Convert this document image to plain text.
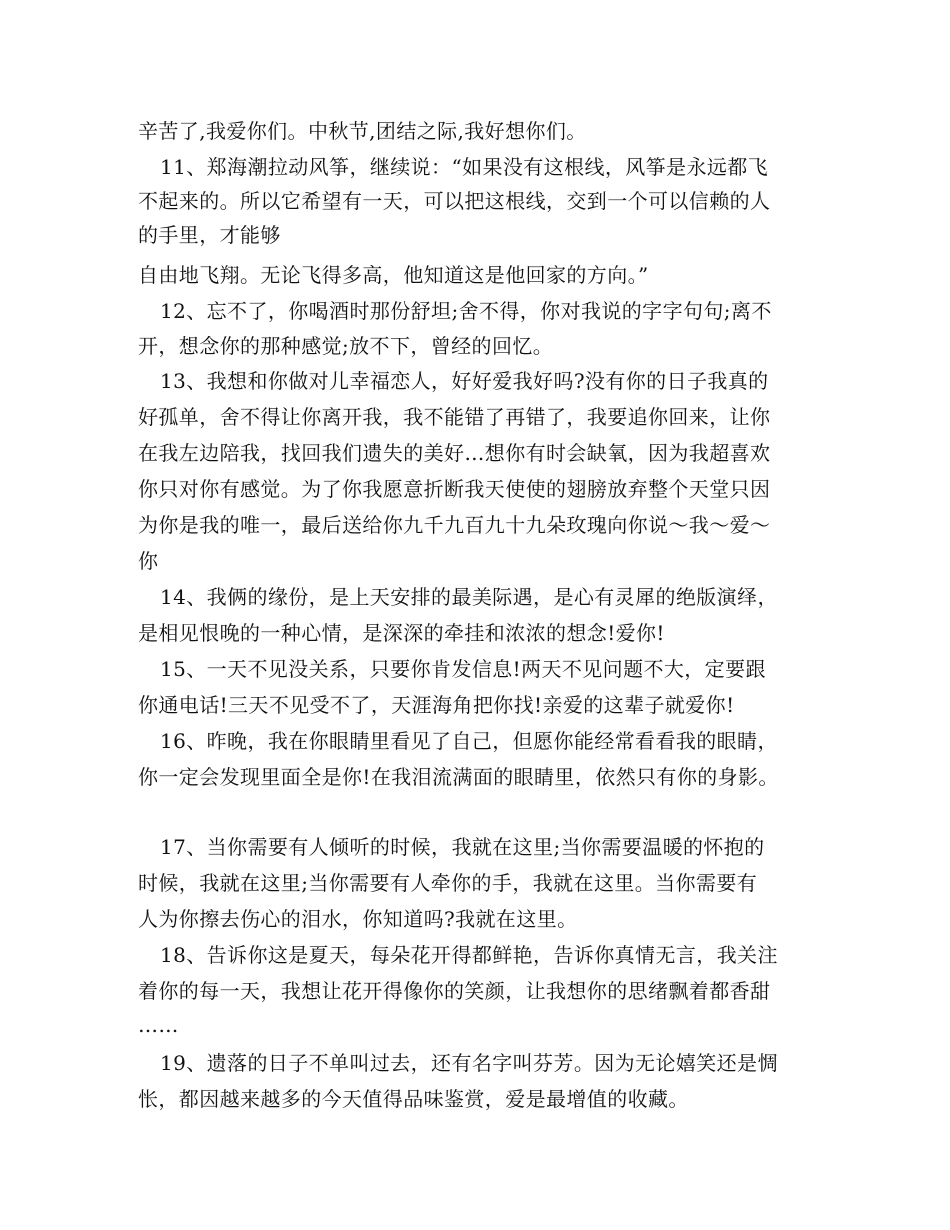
辛苦了,我爱你们。中秋节,团结之际,我好想你们。
11、郑海潮拉动风筝，继续说：“如果没有这根线，风筝是永远都飞
不起来的。所以它希望有一天，可以把这根线，交到一个可以信赖的人
的手里，才能够
自由地飞翔。无论飞得多高，他知道这是他回家的方向。”
12、忘不了，你喝酒时那份舒坦;舍不得，你对我说的字字句句;离不
开，想念你的那种感觉;放不下，曾经的回忆。
13、我想和你做对儿幸福恋人，好好爱我好吗?没有你的日子我真的
好孤单，舍不得让你离开我，我不能错了再错了，我要追你回来，让你
在我左边陪我，找回我们遗失的美好…想你有时会缺氧，因为我超喜欢
你只对你有感觉。为了你我愿意折断我天使使的翅膀放弃整个天堂只因
为你是我的唯一，最后送给你九千九百九十九朵玫瑰向你说～我～爱～
你
14、我俩的缘份，是上天安排的最美际遇，是心有灵犀的绝版演绎，
是相见恨晚的一种心情，是深深的牵挂和浓浓的想念!爱你!
15、一天不见没关系，只要你肯发信息!两天不见问题不大，定要跟
你通电话!三天不见受不了，天涯海角把你找!亲爱的这辈子就爱你!
16、昨晚，我在你眼睛里看见了自己，但愿你能经常看看我的眼睛，
你一定会发现里面全是你!在我泪流满面的眼睛里，依然只有你的身影。
17、当你需要有人倾听的时候，我就在这里;当你需要温暖的怀抱的
时候，我就在这里;当你需要有人牵你的手，我就在这里。当你需要有
人为你擦去伤心的泪水，你知道吗?我就在这里。
18、告诉你这是夏天，每朵花开得都鲜艳，告诉你真情无言，我关注
着你的每一天，我想让花开得像你的笑颜，让我想你的思绪飘着都香甜
……
19、遗落的日子不单叫过去，还有名字叫芬芳。因为无论嬉笑还是惆
怅，都因越来越多的今天值得品味鉴赏，爱是最增值的收藏。
